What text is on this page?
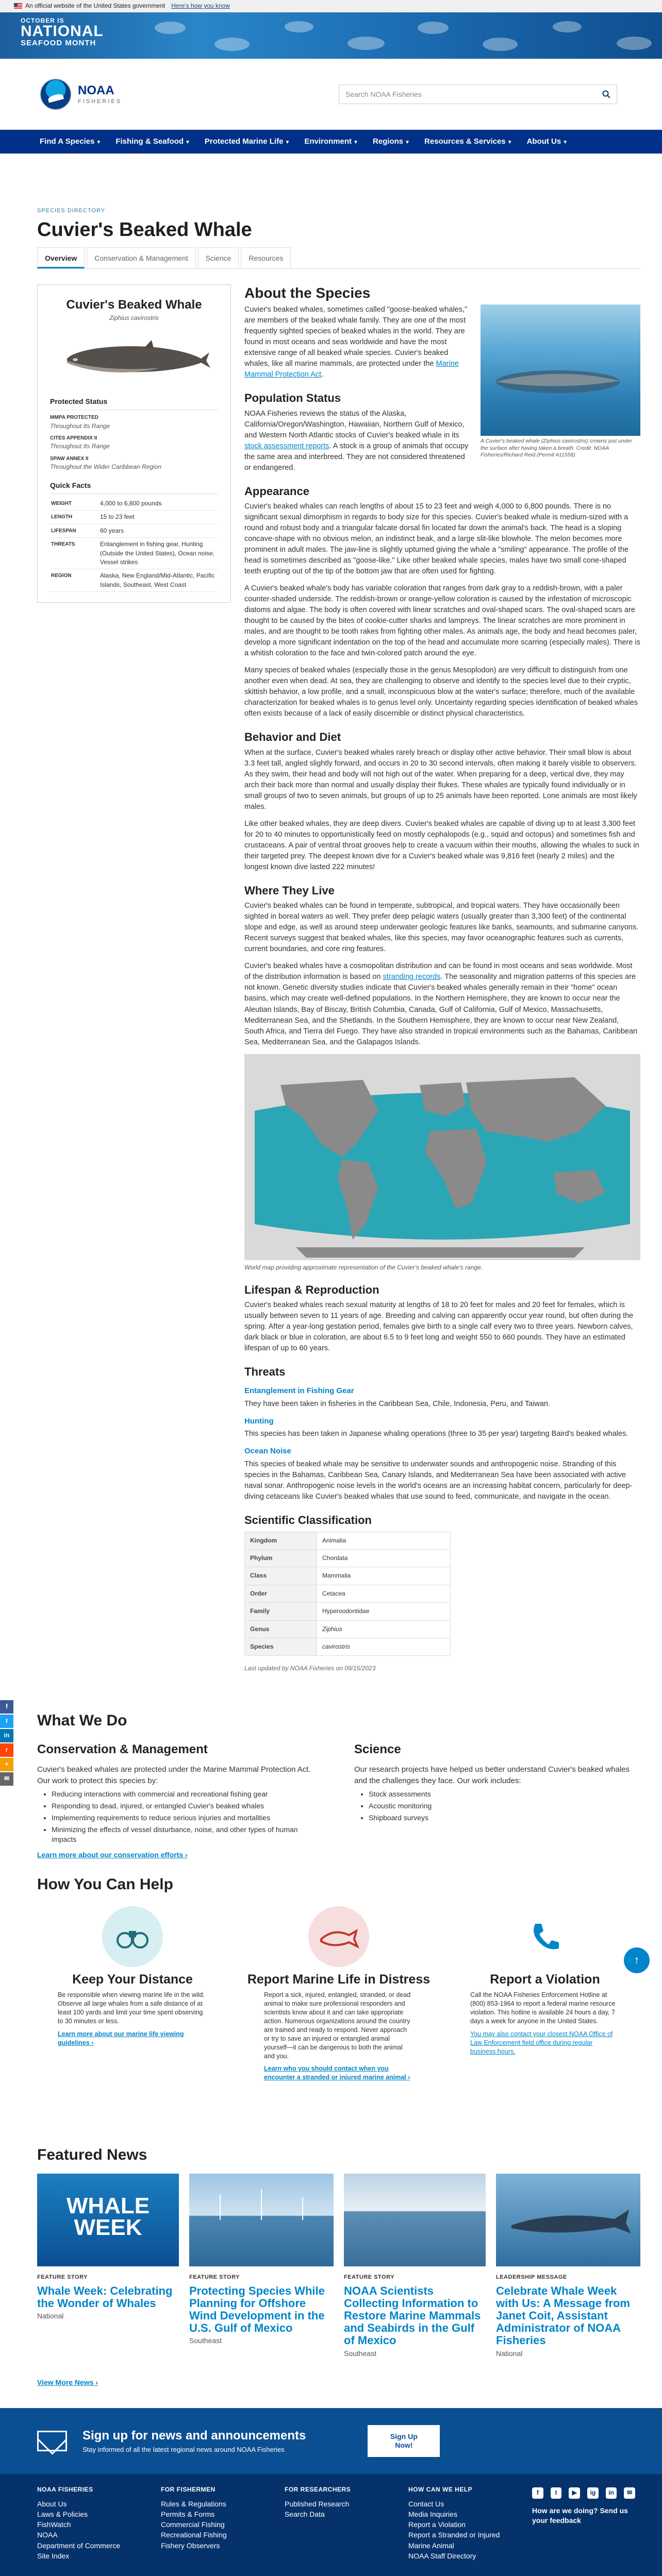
An official website of the United States government Here's how you know
OCTOBER IS
NATIONAL
SEAFOOD MONTH
NOAA
FISHERIES
Search NOAA Fisheries
Find A Species ▼ Fishing & Seafood ▼ Protected Marine Life ▼ Environment ▼ Regions ▼ Resources & Services ▼ About Us ▼
SPECIES DIRECTORY
Cuvier's Beaked Whale
Overview	Conservation & Management	Science	Resources
Cuvier's Beaked Whale
Ziphius cavirostris
Protected Status
MMPA PROTECTED
Throughout Its Range
CITES APPENDIX II
Throughout Its Range
SPAW ANNEX II
Throughout the Wider Caribbean Region
Quick Facts
WEIGHT	4,000 to 6,800 pounds
LENGTH	15 to 23 feet
LIFESPAN	60 years
THREATS	Entanglement in fishing gear, Hunting (Outside the United States), Ocean noise, Vessel strikes
REGION	Alaska, New England/Mid-Atlantic, Pacific Islands, Southeast, West Coast
About the Species
A Cuvier's beaked whale (Ziphius cavirostris) crowns just under the surface after having taken a breath. Credit: NOAA Fisheries/Richard Reid (Permit #11558)

Cuvier's beaked whales, sometimes called "goose-beaked whales," are members of the beaked whale family. They are one of the most frequently sighted species of beaked whales in the world. They are found in most oceans and seas worldwide and have the most extensive range of all beaked whale species. Cuvier's beaked whales, like all marine mammals, are protected under the Marine Mammal Protection Act.

Population Status

NOAA Fisheries reviews the status of the Alaska, California/Oregon/Washington, Hawaiian, Northern Gulf of Mexico, and Western North Atlantic stocks of Cuvier's beaked whale in its stock assessment reports. A stock is a group of animals that occupy the same area and interbreed. They are not considered threatened or endangered.

Appearance

Cuvier's beaked whales can reach lengths of about 15 to 23 feet and weigh 4,000 to 6,800 pounds. There is no significant sexual dimorphism in regards to body size for this species. Cuvier's beaked whale is medium-sized with a round and robust body and a triangular falcate dorsal fin located far down the animal's back. The head is a sloping concave-shape with no obvious melon, an indistinct beak, and a large slit-like blowhole. The melon becomes more prominent in adult males. The jaw-line is slightly upturned giving the whale a "smiling" appearance. The profile of the head is sometimes described as "goose-like." Like other beaked whale species, males have two small cone-shaped teeth erupting out of the tip of the bottom jaw that are often used for fighting.

A Cuvier's beaked whale's body has variable coloration that ranges from dark gray to a reddish-brown, with a paler counter-shaded underside. The reddish-brown or orange-yellow coloration is caused by the infestation of microscopic diatoms and algae. The body is often covered with linear scratches and oval-shaped scars. The oval-shaped scars are thought to be caused by the bites of cookie-cutter sharks and lampreys. The linear scratches are more prominent in males, and are thought to be tooth rakes from fighting other males. As animals age, the body and head becomes paler, develop a more significant indentation on the top of the head and accumulate more scarring (especially males). There is a whitish coloration to the face and twin-colored patch around the eye.

Many species of beaked whales (especially those in the genus Mesoplodon) are very difficult to distinguish from one another even when dead. At sea, they are challenging to observe and identify to the species level due to their cryptic, skittish behavior, a low profile, and a small, inconspicuous blow at the water's surface; therefore, much of the available characterization for beaked whales is to genus level only. Uncertainty regarding species identification of beaked whales often exists because of a lack of easily discernible or distinct physical characteristics.

Behavior and Diet

When at the surface, Cuvier's beaked whales rarely breach or display other active behavior. Their small blow is about 3.3 feet tall, angled slightly forward, and occurs in 20 to 30 second intervals, often making it barely visible to observers. As they swim, their head and body will not high out of the water. When preparing for a deep, vertical dive, they may arch their back more than normal and usually display their flukes. These whales are typically found individually or in small groups of two to seven animals, but groups of up to 25 animals have been reported. Lone animals are most likely males.

Like other beaked whales, they are deep divers. Cuvier's beaked whales are capable of diving up to at least 3,300 feet for 20 to 40 minutes to opportunistically feed on mostly cephalopods (e.g., squid and octopus) and sometimes fish and crustaceans. A pair of ventral throat grooves help to create a vacuum within their mouths, allowing the whales to suck in their targeted prey. The deepest known dive for a Cuvier's beaked whale was 9,816 feet (nearly 2 miles) and the longest known dive lasted 222 minutes!

Where They Live

Cuvier's beaked whales can be found in temperate, subtropical, and tropical waters. They have occasionally been sighted in boreal waters as well. They prefer deep pelagic waters (usually greater than 3,300 feet) of the continental slope and edge, as well as around steep underwater geologic features like banks, seamounts, and submarine canyons. Recent surveys suggest that beaked whales, like this species, may favor oceanographic features such as currents, current boundaries, and core ring features.

Cuvier's beaked whales have a cosmopolitan distribution and can be found in most oceans and seas worldwide. Most of the distribution information is based on stranding records. The seasonality and migration patterns of this species are not known. Genetic diversity studies indicate that Cuvier's beaked whales generally remain in their "home" ocean basins, which may create well-defined populations. In the Northern Hemisphere, they are known to occur near the Aleutian Islands, Bay of Biscay, British Columbia, Canada, Gulf of California, Gulf of Mexico, Massachusetts, Mediterranean Sea, and the Shetlands. In the Southern Hemisphere, they are known to occur near New Zealand, South Africa, and Tierra del Fuego. They have also stranded in tropical environments such as the Bahamas, Caribbean Sea, Mediterranean Sea, and the Galapagos Islands.

World map providing approximate representation of the Cuvier's beaked whale's range.
Lifespan & Reproduction

Cuvier's beaked whales reach sexual maturity at lengths of 18 to 20 feet for males and 20 feet for females, which is usually between seven to 11 years of age. Breeding and calving can apparently occur year round, but often during the spring. After a year-long gestation period, females give birth to a single calf every two to three years. Newborn calves, dark black or blue in coloration, are about 6.5 to 9 feet long and weight 550 to 660 pounds. They have an estimated lifespan of up to 60 years.

Threats
Entanglement in Fishing Gear

They have been taken in fisheries in the Caribbean Sea, Chile, Indonesia, Peru, and Taiwan.

Hunting

This species has been taken in Japanese whaling operations (three to 35 per year) targeting Baird's beaked whales.

Ocean Noise

This species of beaked whale may be sensitive to underwater sounds and anthropogenic noise. Stranding of this species in the Bahamas, Caribbean Sea, Canary Islands, and Mediterranean Sea have been associated with active naval sonar. Anthropogenic noise levels in the world's oceans are an increasing habitat concern, particularly for deep-diving cetaceans like Cuvier's beaked whales that use sound to feed, communicate, and navigate in the ocean.

Scientific Classification
Kingdom	Animalia
Phylum	Chordata
Class	Mammalia
Order	Cetacea
Family	Hyperoodontidae
Genus	Ziphius
Species	cavirostris
Last updated by NOAA Fisheries on 09/15/2023
f
t
in
r
+
✉
↑
What We Do
Conservation & Management

Cuvier's beaked whales are protected under the Marine Mammal Protection Act. Our work to protect this species by:

• Reducing interactions with commercial and recreational fishing gear
• Responding to dead, injured, or entangled Cuvier's beaked whales
• Implementing requirements to reduce serious injuries and mortalities
• Minimizing the effects of vessel disturbance, noise, and other types of human impacts
Learn more about our conservation efforts ›
Science

Our research projects have helped us better understand Cuvier's beaked whales and the challenges they face. Our work includes:

• Stock assessments
• Acoustic monitoring
• Shipboard surveys
How You Can Help
Keep Your Distance

Be responsible when viewing marine life in the wild. Observe all large whales from a safe distance of at least 100 yards and limit your time spent observing to 30 minutes or less.

Learn more about our marine life viewing guidelines ›
Report Marine Life in Distress

Report a sick, injured, entangled, stranded, or dead animal to make sure professional responders and scientists know about it and can take appropriate action. Numerous organizations around the country are trained and ready to respond. Never approach or try to save an injured or entangled animal yourself—it can be dangerous to both the animal and you.

Learn who you should contact when you encounter a stranded or injured marine animal ›
Report a Violation

Call the NOAA Fisheries Enforcement Hotline at (800) 853-1964 to report a federal marine resource violation. This hotline is available 24 hours a day, 7 days a week for anyone in the United States.

You may also contact your closest NOAA Office of Law Enforcement field office during regular business hours.
Featured News
WHALE WEEK
FEATURE STORY
Whale Week: Celebrating the Wonder of Whales
National
FEATURE STORY
Protecting Species While Planning for Offshore Wind Development in the U.S. Gulf of Mexico
Southeast
FEATURE STORY
NOAA Scientists Collecting Information to Restore Marine Mammals and Seabirds in the Gulf of Mexico
Southeast
LEADERSHIP MESSAGE
Celebrate Whale Week with Us: A Message from Janet Coit, Assistant Administrator of NOAA Fisheries
National
View More News ›
Sign up for news and announcements

Stay informed of all the latest regional news around NOAA Fisheries

Sign Up Now!
NOAA FISHERIES
About Us
Laws & Policies
FishWatch
NOAA
Department of Commerce
Site Index
FOR FISHERMEN
Rules & Regulations
Permits & Forms
Commercial Fishing
Recreational Fishing
Fishery Observers
FOR RESEARCHERS
Published Research
Search Data
HOW CAN WE HELP
Contact Us
Media Inquiries
Report a Violation
Report a Stranded or Injured Marine Animal
NOAA Staff Directory
f	t	▶	ig	in	✉
How are we doing? Send us your feedback
